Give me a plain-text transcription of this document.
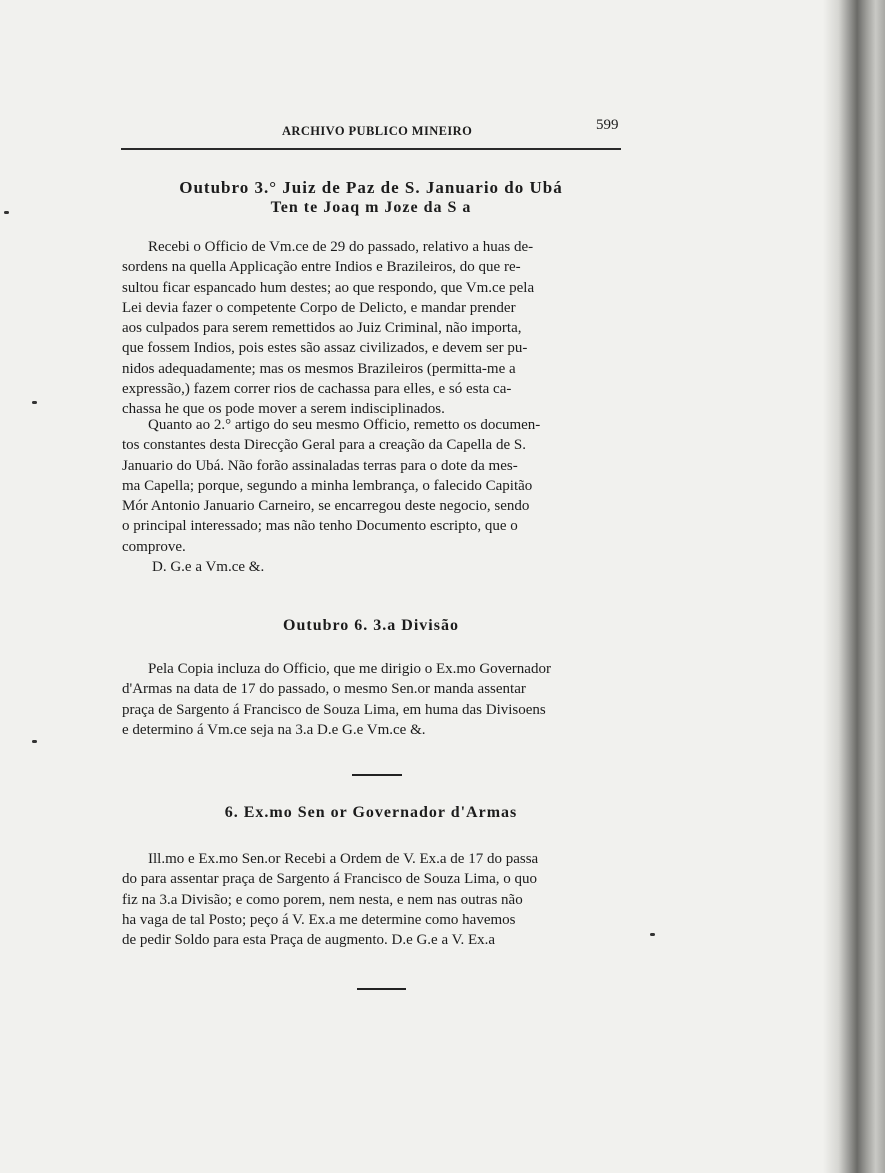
ARCHIVO PUBLICO MINEIRO	599
Outubro 3.° Juiz de Paz de S. Januario do Ubá
Ten te Joaq m Joze da S a
Recebi o Officio de Vm.ce de 29 do passado, relativo a huas de-
sordens na quella Applicação entre Indios e Brazileiros, do que re-
sultou ficar espancado hum destes; ao que respondo, que Vm.ce pela
Lei devia fazer o competente Corpo de Delicto, e mandar prender
aos culpados para serem remettidos ao Juiz Criminal, não importa,
que fossem Indios, pois estes são assaz civilizados, e devem ser pu-
nidos adequadamente; mas os mesmos Brazileiros (permitta-me a
expressão,) fazem correr rios de cachassa para elles, e só esta ca-
chassa he que os pode mover a serem indisciplinados.
Quanto ao 2.° artigo do seu mesmo Officio, remetto os documen-
tos constantes desta Direcção Geral para a creação da Capella de S.
Januario do Ubá. Não forão assinaladas terras para o dote da mes-
ma Capella; porque, segundo a minha lembrança, o falecido Capitão
Mór Antonio Januario Carneiro, se encarregou deste negocio, sendo
o principal interessado; mas não tenho Documento escripto, que o
comprove.
D. G.e a Vm.ce &.
Outubro 6. 3.a Divisão
Pela Copia incluza do Officio, que me dirigio o Ex.mo Governador
d'Armas na data de 17 do passado, o mesmo Sen.or manda assentar
praça de Sargento á Francisco de Souza Lima, em huma das Divisoens
e determino á Vm.ce seja na 3.a D.e G.e Vm.ce &.
6. Ex.mo Sen or Governador d'Armas
Ill.mo e Ex.mo Sen.or Recebi a Ordem de V. Ex.a de 17 do passa
do para assentar praça de Sargento á Francisco de Souza Lima, o quo
fiz na 3.a Divisão; e como porem, nem nesta, e nem nas outras não
ha vaga de tal Posto; peço á V. Ex.a me determine como havemos
de pedir Soldo para esta Praça de augmento. D.e G.e a V. Ex.a
